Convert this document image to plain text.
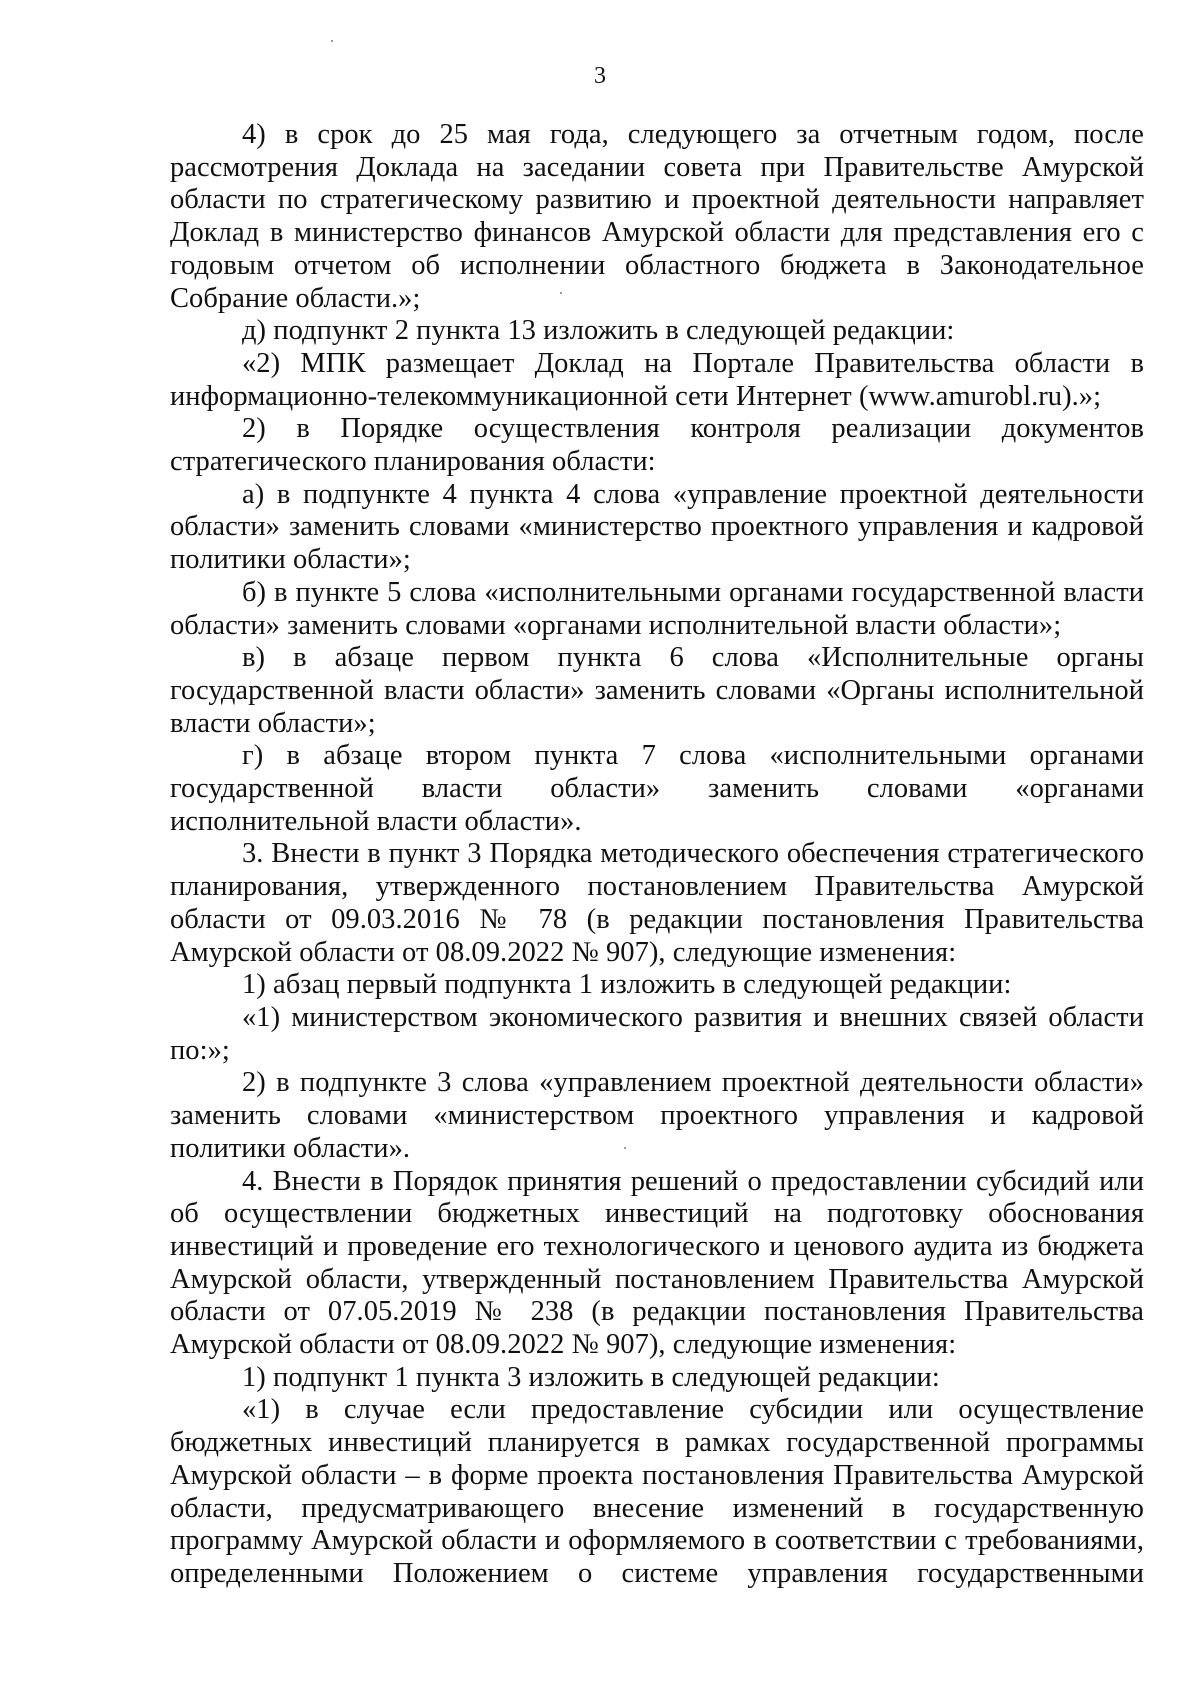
3

4) в срок до 25 мая года, следующего за отчетным годом, после рассмотрения Доклада на заседании совета при Правительстве Амурской области по стратегическому развитию и проектной деятельности направляет Доклад в министерство финансов Амурской области для представления его с годовым отчетом об исполнении областного бюджета в Законодательное Собрание области.»;

д) подпункт 2 пункта 13 изложить в следующей редакции:

«2) МПК размещает Доклад на Портале Правительства области в информационно-телекоммуникационной сети Интернет (www.amurobl.ru).»;

2) в Порядке осуществления контроля реализации документов стратегического планирования области:

а) в подпункте 4 пункта 4 слова «управление проектной деятельности области» заменить словами «министерство проектного управления и кадровой политики области»;

б) в пункте 5 слова «исполнительными органами государственной власти области» заменить словами «органами исполнительной власти области»;

в) в абзаце первом пункта 6 слова «Исполнительные органы государственной власти области» заменить словами «Органы исполнительной власти области»;

г) в абзаце втором пункта 7 слова «исполнительными органами государственной власти области» заменить словами «органами исполнительной власти области».

3. Внести в пункт 3 Порядка методического обеспечения стратегического планирования, утвержденного постановлением Правительства Амурской области от 09.03.2016 № 78 (в редакции постановления Правительства Амурской области от 08.09.2022 № 907), следующие изменения:

1) абзац первый подпункта 1 изложить в следующей редакции:

«1) министерством экономического развития и внешних связей области по:»;

2) в подпункте 3 слова «управлением проектной деятельности области» заменить словами «министерством проектного управления и кадровой политики области».

4. Внести в Порядок принятия решений о предоставлении субсидий или об осуществлении бюджетных инвестиций на подготовку обоснования инвестиций и проведение его технологического и ценового аудита из бюджета Амурской области, утвержденный постановлением Правительства Амурской области от 07.05.2019 № 238 (в редакции постановления Правительства Амурской области от 08.09.2022 № 907), следующие изменения:

1) подпункт 1 пункта 3 изложить в следующей редакции:

«1) в случае если предоставление субсидии или осуществление бюджетных инвестиций планируется в рамках государственной программы Амурской области – в форме проекта постановления Правительства Амурской области, предусматривающего внесение изменений в государственную программу Амурской области и оформляемого в соответствии с требованиями, определенными Положением о системе управления государственными
